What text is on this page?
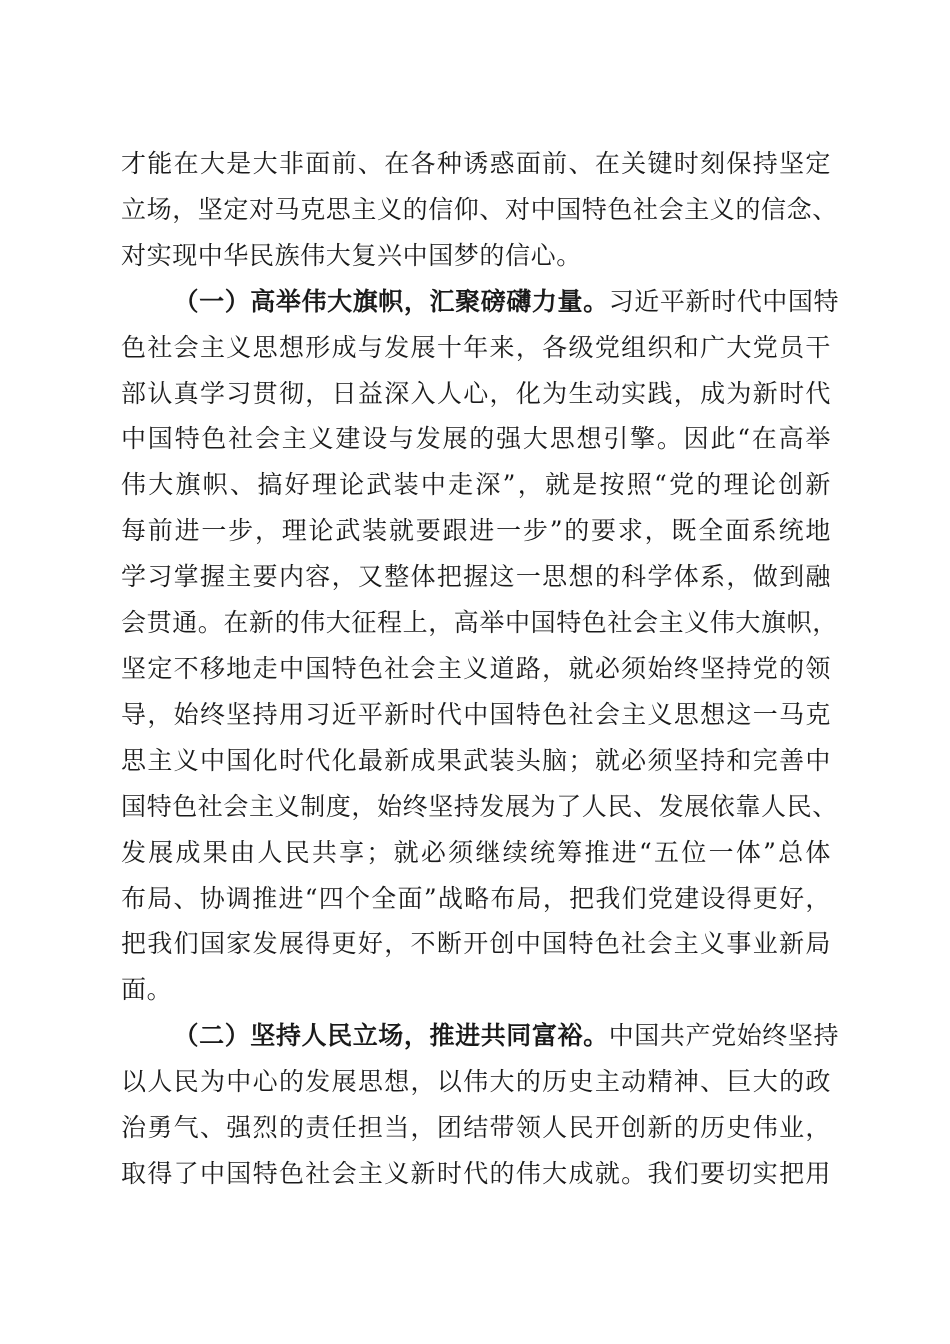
才能在大是大非面前、在各种诱惑面前、在关键时刻保持坚定
立场，坚定对马克思主义的信仰、对中国特色社会主义的信念、
对实现中华民族伟大复兴中国梦的信心。
（一）高举伟大旗帜，汇聚磅礴力量。习近平新时代中国特
色社会主义思想形成与发展十年来，各级党组织和广大党员干
部认真学习贯彻，日益深入人心，化为生动实践，成为新时代
中国特色社会主义建设与发展的强大思想引擎。因此“在高举
伟大旗帜、搞好理论武装中走深”，就是按照“党的理论创新
每前进一步，理论武装就要跟进一步”的要求，既全面系统地
学习掌握主要内容，又整体把握这一思想的科学体系，做到融
会贯通。在新的伟大征程上，高举中国特色社会主义伟大旗帜，
坚定不移地走中国特色社会主义道路，就必须始终坚持党的领
导，始终坚持用习近平新时代中国特色社会主义思想这一马克
思主义中国化时代化最新成果武装头脑；就必须坚持和完善中
国特色社会主义制度，始终坚持发展为了人民、发展依靠人民、
发展成果由人民共享；就必须继续统筹推进“五位一体”总体
布局、协调推进“四个全面”战略布局，把我们党建设得更好，
把我们国家发展得更好，不断开创中国特色社会主义事业新局
面。
（二）坚持人民立场，推进共同富裕。中国共产党始终坚持
以人民为中心的发展思想，以伟大的历史主动精神、巨大的政
治勇气、强烈的责任担当，团结带领人民开创新的历史伟业，
取得了中国特色社会主义新时代的伟大成就。我们要切实把用
